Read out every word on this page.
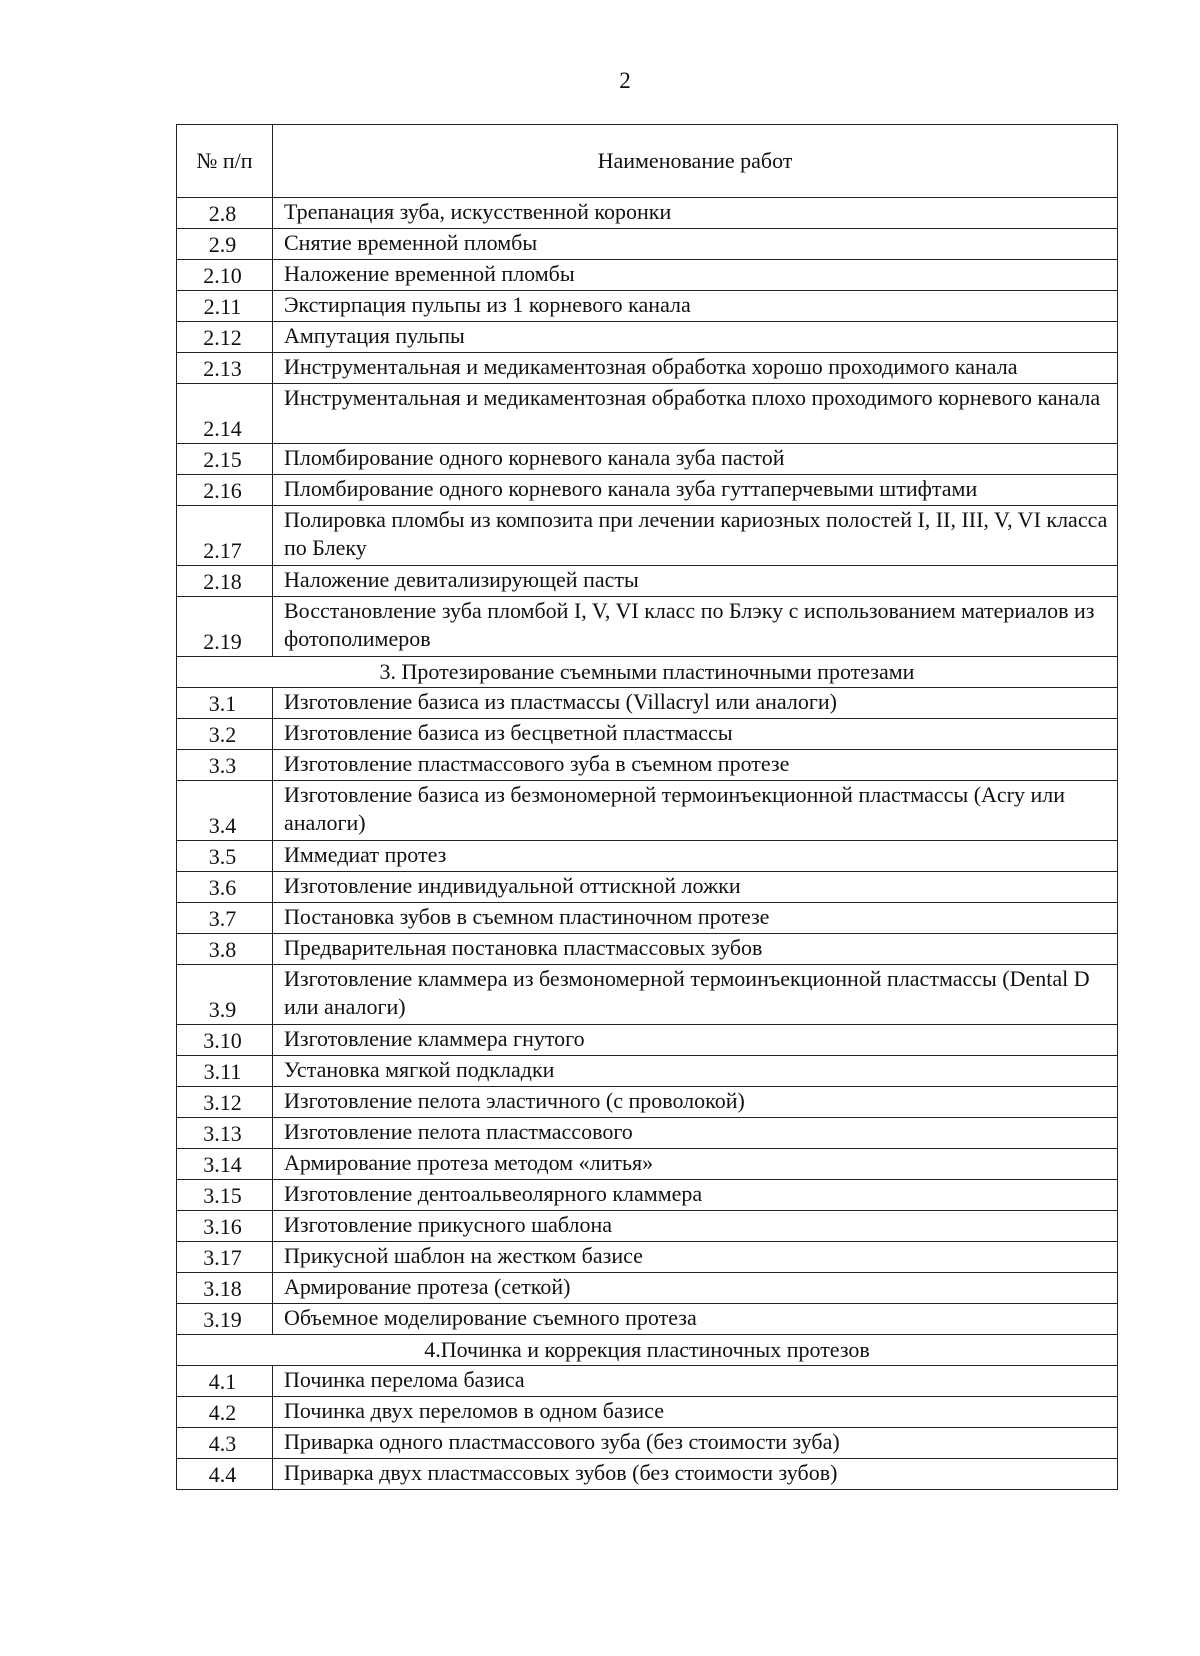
2
№ п/п	Наименование работ
2.8	Трепанация зуба, искусственной коронки
2.9	Снятие временной пломбы
2.10	Наложение временной пломбы
2.11	Экстирпация пульпы из 1 корневого канала
2.12	Ампутация пульпы
2.13	Инструментальная и медикаментозная обработка хорошо проходимого канала
2.14	Инструментальная и медикаментозная обработка плохо проходимого корневого канала
2.15	Пломбирование одного корневого канала зуба пастой
2.16	Пломбирование одного корневого канала зуба гуттаперчевыми штифтами
2.17	Полировка пломбы из композита при лечении кариозных полостей I, II, III, V, VI класса по Блеку
2.18	Наложение девитализирующей пасты
2.19	Восстановление зуба пломбой I, V, VI класс по Блэку с использованием материалов из фотополимеров
3. Протезирование съемными пластиночными протезами	
3.1	Изготовление базиса из пластмассы (Villacryl или аналоги)
3.2	Изготовление базиса из бесцветной пластмассы
3.3	Изготовление пластмассового зуба в съемном протезе
3.4	Изготовление базиса из безмономерной термоинъекционной пластмассы (Acry или аналоги)
3.5	Иммедиат протез
3.6	Изготовление индивидуальной оттискной ложки
3.7	Постановка зубов в съемном пластиночном протезе
3.8	Предварительная постановка пластмассовых зубов
3.9	Изготовление кламмера из безмономерной термоинъекционной пластмассы (Dental D или аналоги)
3.10	Изготовление кламмера гнутого
3.11	Установка мягкой подкладки
3.12	Изготовление пелота эластичного (с проволокой)
3.13	Изготовление пелота пластмассового
3.14	Армирование протеза методом «литья»
3.15	Изготовление дентоальвеолярного кламмера
3.16	Изготовление прикусного шаблона
3.17	Прикусной шаблон на жестком базисе
3.18	Армирование протеза (сеткой)
3.19	Объемное моделирование съемного протеза
4.Починка и коррекция пластиночных протезов	
4.1	Починка перелома базиса
4.2	Починка двух переломов в одном базисе
4.3	Приварка одного пластмассового зуба (без стоимости зуба)
4.4	Приварка двух пластмассовых зубов (без стоимости зубов)
